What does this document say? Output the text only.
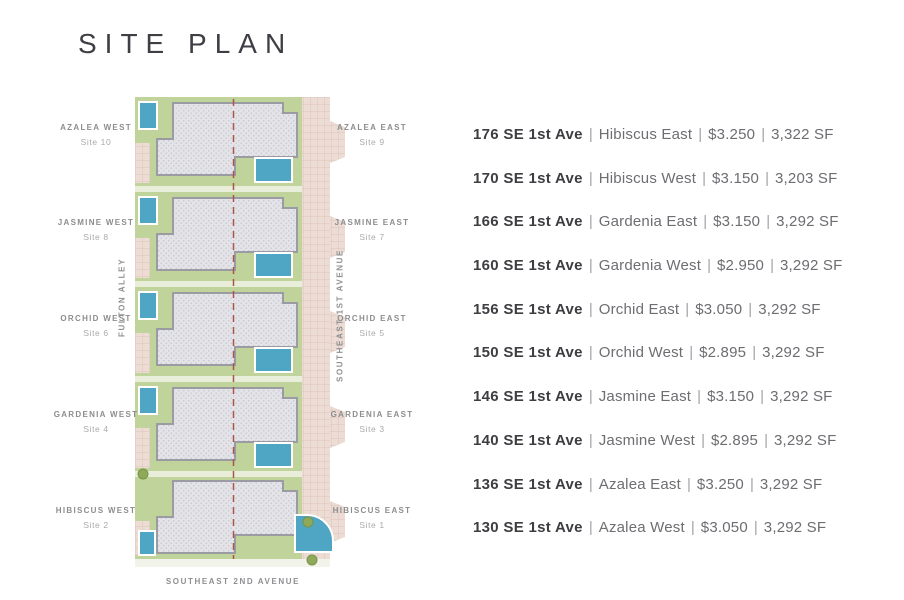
SITE PLAN
AZALEA WEST
Site 10
JASMINE WEST
Site 8
ORCHID WEST
Site 6
GARDENIA WEST
Site 4
HIBISCUS WEST
Site 2
AZALEA EAST
Site 9
JASMINE EAST
Site 7
ORCHID EAST
Site 5
GARDENIA EAST
Site 3
HIBISCUS EAST
Site 1
FULTON ALLEY	SOUTHEAST 1ST AVENUE
SOUTHEAST 2ND AVENUE
176 SE 1st Ave | Hibiscus East | $3.250 | 3,322 SF
170 SE 1st Ave | Hibiscus West | $3.150 | 3,203 SF
166 SE 1st Ave | Gardenia East | $3.150 | 3,292 SF
160 SE 1st Ave | Gardenia West | $2.950 | 3,292 SF
156 SE 1st Ave | Orchid East | $3.050 | 3,292 SF
150 SE 1st Ave | Orchid West | $2.895 | 3,292 SF
146 SE 1st Ave | Jasmine East | $3.150 | 3,292 SF
140 SE 1st Ave | Jasmine West | $2.895 | 3,292 SF
136 SE 1st Ave | Azalea East | $3.250 | 3,292 SF
130 SE 1st Ave | Azalea West | $3.050 | 3,292 SF
